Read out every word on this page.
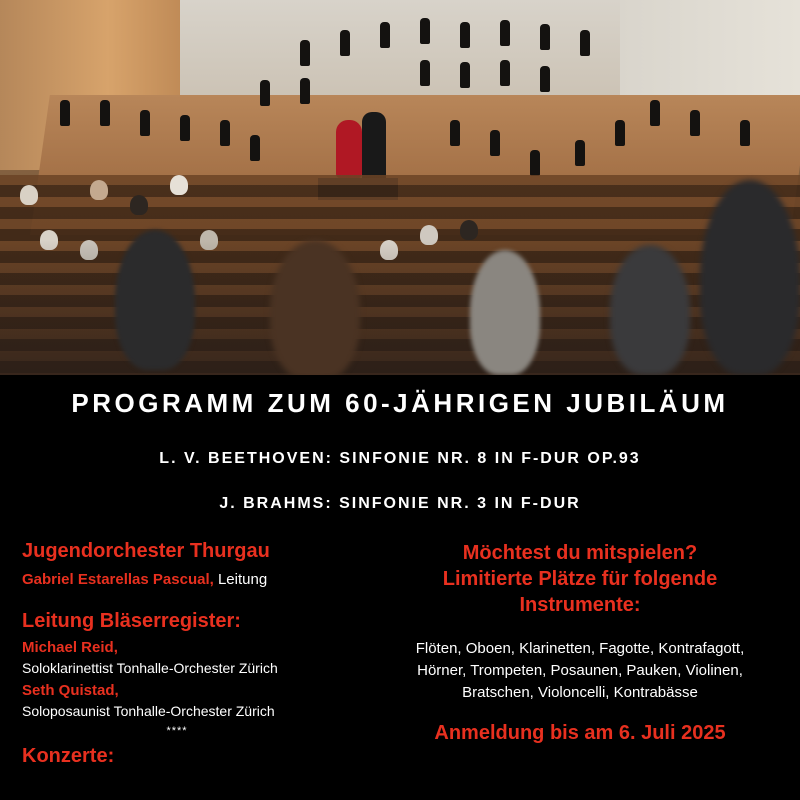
PROGRAMM ZUM 60-JÄHRIGEN JUBILÄUM
L. V. BEETHOVEN: SINFONIE NR. 8 IN F-DUR OP.93
J. BRAHMS: SINFONIE NR. 3 IN F-DUR
Jugendorchester Thurgau
Gabriel Estarellas Pascual, Leitung
Leitung Bläserregister:
Michael Reid,
Soloklarinettist Tonhalle-Orchester Zürich
Seth Quistad,
Soloposaunist Tonhalle-Orchester Zürich
****
Konzerte:
Möchtest du mitspielen?
Limitierte Plätze für folgende
Instrumente:
Flöten, Oboen, Klarinetten, Fagotte, Kontrafagott,
Hörner, Trompeten, Posaunen, Pauken, Violinen,
Bratschen, Violoncelli, Kontrabässe
Anmeldung bis am 6. Juli 2025
